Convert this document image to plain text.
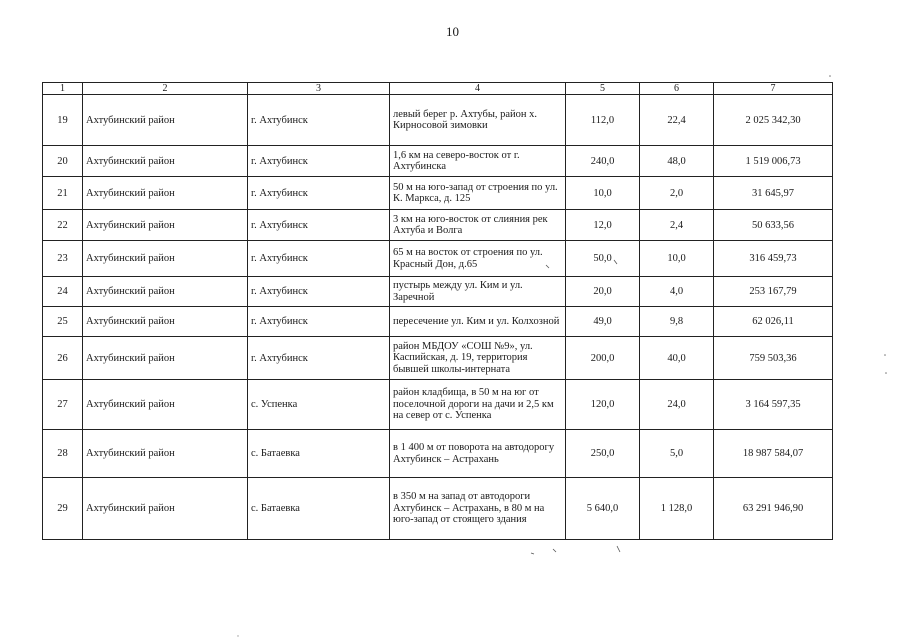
10
1	2	3	4	5	6	7
19	Ахтубинский район	г. Ахтубинск	левый берег р. Ахтубы, район х. Кирносовой зимовки	112,0	22,4	2 025 342,30
20	Ахтубинский район	г. Ахтубинск	1,6 км на северо-восток от г. Ахтубинска	240,0	48,0	1 519 006,73
21	Ахтубинский район	г. Ахтубинск	50 м на юго-запад от строения по ул. К. Маркса, д. 125	10,0	2,0	31 645,97
22	Ахтубинский район	г. Ахтубинск	3 км на юго-восток от слияния рек Ахтуба и Волга	12,0	2,4	50 633,56
23	Ахтубинский район	г. Ахтубинск	65 м на восток от строения по ул. Красный Дон, д.65	50,0	10,0	316 459,73
24	Ахтубинский район	г. Ахтубинск	пустырь между ул. Ким и ул. Заречной	20,0	4,0	253 167,79
25	Ахтубинский район	г. Ахтубинск	пересечение ул. Ким и ул. Колхозной	49,0	9,8	62 026,11
26	Ахтубинский район	г. Ахтубинск	район МБДОУ «СОШ №9», ул. Каспийская, д. 19, территория бывшей школы-интерната	200,0	40,0	759 503,36
27	Ахтубинский район	с. Успенка	район кладбища, в 50 м на юг от поселочной дороги на дачи и 2,5 км на север от с. Успенка	120,0	24,0	3 164 597,35
28	Ахтубинский район	с. Батаевка	в 1 400 м от поворота на автодорогу Ахтубинск – Астрахань	250,0	5,0	18 987 584,07
29	Ахтубинский район	с. Батаевка	в 350 м на запад от автодороги Ахтубинск – Астрахань, в 80 м на юго-запад от стоящего здания	5 640,0	1 128,0	63 291 946,90
